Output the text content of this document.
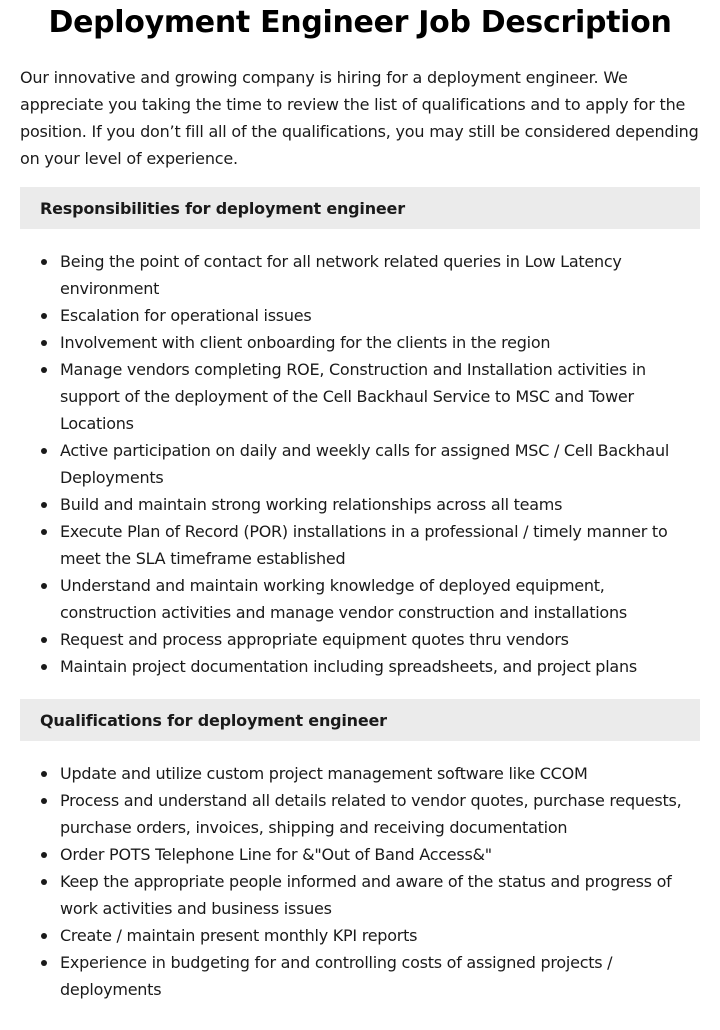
Deployment Engineer Job Description

Our innovative and growing company is hiring for a deployment engineer. We appreciate you taking the time to review the list of qualifications and to apply for the position. If you don’t fill all of the qualifications, you may still be considered depending on your level of experience.

Responsibilities for deployment engineer
Being the point of contact for all network related queries in Low Latency environment
Escalation for operational issues
Involvement with client onboarding for the clients in the region
Manage vendors completing ROE, Construction and Installation activities in support of the deployment of the Cell Backhaul Service to MSC and Tower Locations
Active participation on daily and weekly calls for assigned MSC / Cell Backhaul Deployments
Build and maintain strong working relationships across all teams
Execute Plan of Record (POR) installations in a professional / timely manner to meet the SLA timeframe established
Understand and maintain working knowledge of deployed equipment, construction activities and manage vendor construction and installations
Request and process appropriate equipment quotes thru vendors
Maintain project documentation including spreadsheets, and project plans
Qualifications for deployment engineer
Update and utilize custom project management software like CCOM
Process and understand all details related to vendor quotes, purchase requests, purchase orders, invoices, shipping and receiving documentation
Order POTS Telephone Line for &"Out of Band Access&"
Keep the appropriate people informed and aware of the status and progress of work activities and business issues
Create / maintain present monthly KPI reports
Experience in budgeting for and controlling costs of assigned projects / deployments
